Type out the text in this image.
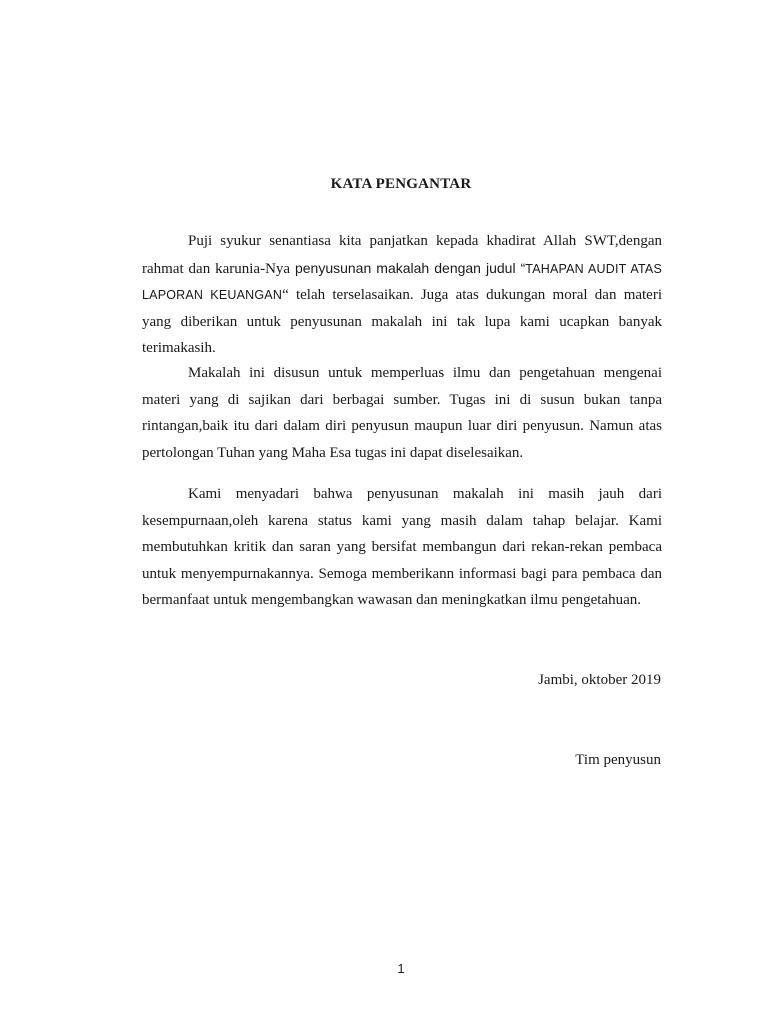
KATA PENGANTAR

Puji syukur senantiasa kita panjatkan kepada khadirat Allah SWT,dengan rahmat dan karunia-Nya penyusunan makalah dengan judul “TAHAPAN AUDIT ATAS LAPORAN KEUANGAN“ telah terselasaikan. Juga atas dukungan moral dan materi yang diberikan untuk penyusunan makalah ini tak lupa kami ucapkan banyak terimakasih.

Makalah ini disusun untuk memperluas ilmu dan pengetahuan mengenai materi yang di sajikan dari berbagai sumber. Tugas ini di susun bukan tanpa rintangan,baik itu dari dalam diri penyusun maupun luar diri penyusun. Namun atas pertolongan Tuhan yang Maha Esa tugas ini dapat diselesaikan.

Kami menyadari bahwa penyusunan makalah ini masih jauh dari kesempurnaan,oleh karena status kami yang masih dalam tahap belajar. Kami membutuhkan kritik dan saran yang bersifat membangun dari rekan-rekan pembaca untuk menyempurnakannya. Semoga memberikann informasi bagi para pembaca dan bermanfaat untuk mengembangkan wawasan dan meningkatkan ilmu pengetahuan.

Jambi, oktober 2019
Tim penyusun
1
